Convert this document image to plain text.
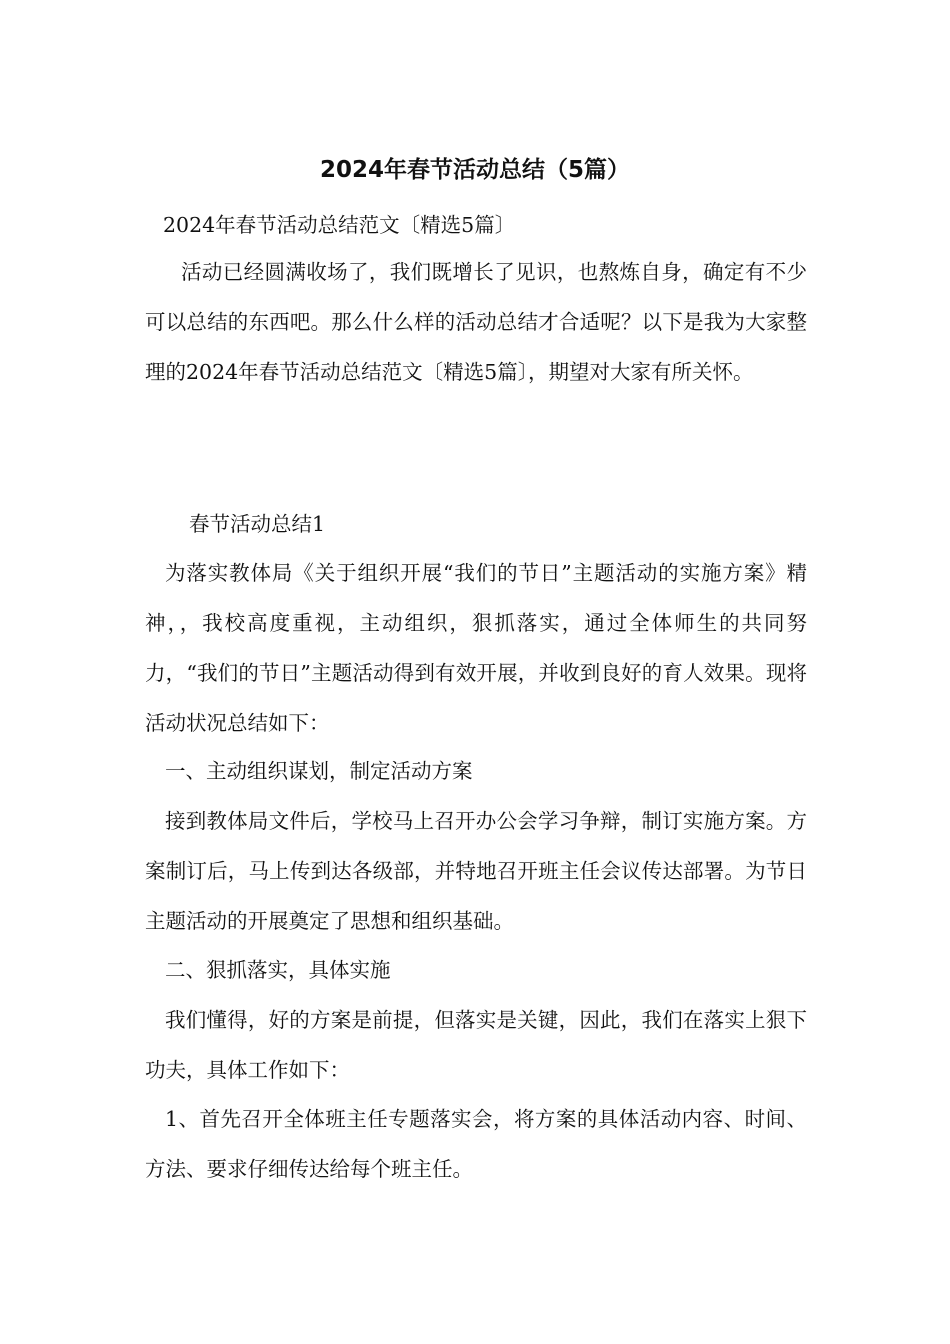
2024年春节活动总结（5篇）

2024年春节活动总结范文〔精选5篇〕

活动已经圆满收场了，我们既增长了见识，也熬炼自身，确定有不少可以总结的东西吧。那么什么样的活动总结才合适呢？以下是我为大家整理的2024年春节活动总结范文〔精选5篇〕，期望对大家有所关怀。

春节活动总结1

为落实教体局《关于组织开展“我们的节日”主题活动的实施方案》精神，，我校高度重视，主动组织，狠抓落实，通过全体师生的共同努力，“我们的节日”主题活动得到有效开展，并收到良好的育人效果。现将活动状况总结如下：

一、主动组织谋划，制定活动方案

接到教体局文件后，学校马上召开办公会学习争辩，制订实施方案。方案制订后，马上传到达各级部，并特地召开班主任会议传达部署。为节日主题活动的开展奠定了思想和组织基础。

二、狠抓落实，具体实施

我们懂得，好的方案是前提，但落实是关键，因此，我们在落实上狠下功夫，具体工作如下：

1、首先召开全体班主任专题落实会，将方案的具体活动内容、时间、方法、要求仔细传达给每个班主任。
